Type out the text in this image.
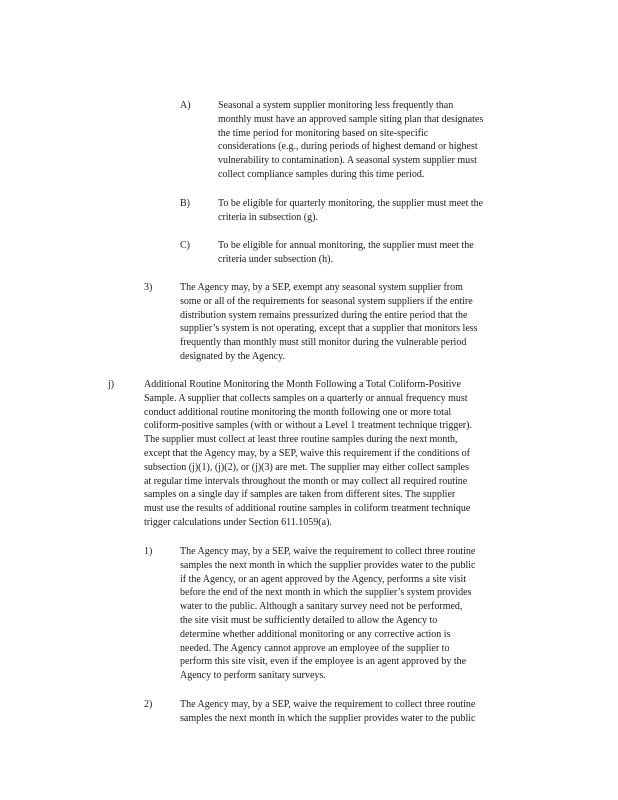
A)	Seasonal a system supplier monitoring less frequently than
monthly must have an approved sample siting plan that designates
the time period for monitoring based on site-specific
considerations (e.g., during periods of highest demand or highest
vulnerability to contamination). A seasonal system supplier must
collect compliance samples during this time period.
B)	To be eligible for quarterly monitoring, the supplier must meet the
criteria in subsection (g).
C)	To be eligible for annual monitoring, the supplier must meet the
criteria under subsection (h).
3)	The Agency may, by a SEP, exempt any seasonal system supplier from
some or all of the requirements for seasonal system suppliers if the entire
distribution system remains pressurized during the entire period that the
supplier’s system is not operating, except that a supplier that monitors less
frequently than monthly must still monitor during the vulnerable period
designated by the Agency.
j)	Additional Routine Monitoring the Month Following a Total Coliform-Positive
Sample. A supplier that collects samples on a quarterly or annual frequency must
conduct additional routine monitoring the month following one or more total
coliform-positive samples (with or without a Level 1 treatment technique trigger).
The supplier must collect at least three routine samples during the next month,
except that the Agency may, by a SEP, waive this requirement if the conditions of
subsection (j)(1), (j)(2), or (j)(3) are met. The supplier may either collect samples
at regular time intervals throughout the month or may collect all required routine
samples on a single day if samples are taken from different sites. The supplier
must use the results of additional routine samples in coliform treatment technique
trigger calculations under Section 611.1059(a).
1)	The Agency may, by a SEP, waive the requirement to collect three routine
samples the next month in which the supplier provides water to the public
if the Agency, or an agent approved by the Agency, performs a site visit
before the end of the next month in which the supplier’s system provides
water to the public. Although a sanitary survey need not be performed,
the site visit must be sufficiently detailed to allow the Agency to
determine whether additional monitoring or any corrective action is
needed. The Agency cannot approve an employee of the supplier to
perform this site visit, even if the employee is an agent approved by the
Agency to perform sanitary surveys.
2)	The Agency may, by a SEP, waive the requirement to collect three routine
samples the next month in which the supplier provides water to the public
